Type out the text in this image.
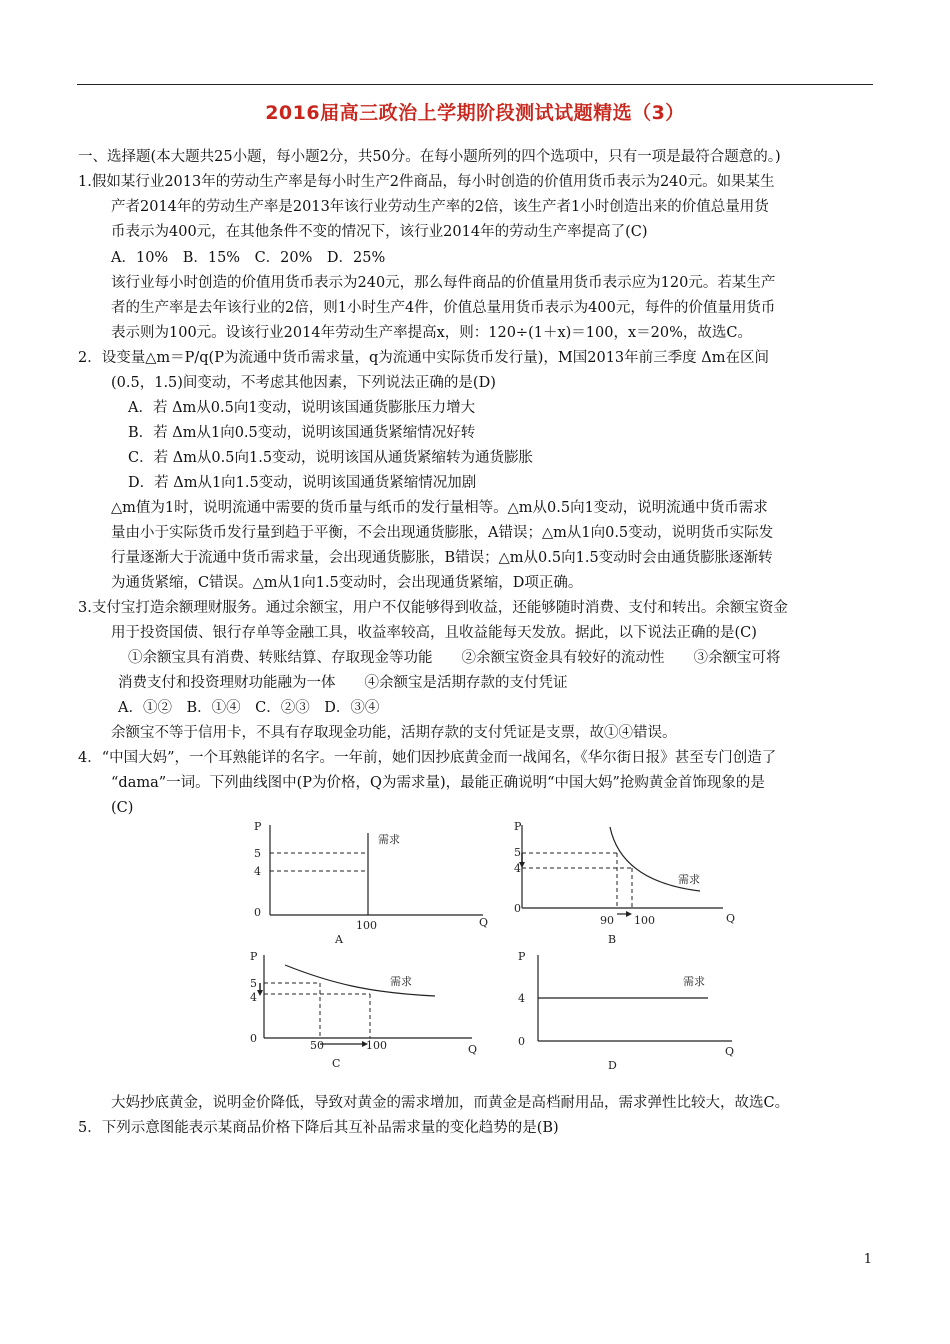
2016届高三政治上学期阶段测试试题精选（3）
一、选择题(本大题共25小题，每小题2分，共50分。在每小题所列的四个选项中，只有一项是最符合题意的。)
1.假如某行业2013年的劳动生产率是每小时生产2件商品，每小时创造的价值用货币表示为240元。如果某生
产者2014年的劳动生产率是2013年该行业劳动生产率的2倍，该生产者1小时创造出来的价值总量用货
币表示为400元，在其他条件不变的情况下，该行业2014年的劳动生产率提高了(C)
A．10%　B．15%　C．20%　D．25%
该行业每小时创造的价值用货币表示为240元，那么每件商品的价值量用货币表示应为120元。若某生产
者的生产率是去年该行业的2倍，则1小时生产4件，价值总量用货币表示为400元，每件的价值量用货币
表示则为100元。设该行业2014年劳动生产率提高x，则：120÷(1＋x)＝100，x＝20%，故选C。
2．设变量△m＝P/q(P为流通中货币需求量，q为流通中实际货币发行量)，M国2013年前三季度 Δm在区间
(0.5，1.5)间变动，不考虑其他因素，下列说法正确的是(D)
A．若 Δm从0.5向1变动，说明该国通货膨胀压力增大
B．若 Δm从1向0.5变动，说明该国通货紧缩情况好转
C．若 Δm从0.5向1.5变动，说明该国从通货紧缩转为通货膨胀
D．若 Δm从1向1.5变动，说明该国通货紧缩情况加剧
△m值为1时，说明流通中需要的货币量与纸币的发行量相等。△m从0.5向1变动，说明流通中货币需求
量由小于实际货币发行量到趋于平衡，不会出现通货膨胀，A错误；△m从1向0.5变动，说明货币实际发
行量逐渐大于流通中货币需求量，会出现通货膨胀，B错误；△m从0.5向1.5变动时会由通货膨胀逐渐转
为通货紧缩，C错误。△m从1向1.5变动时，会出现通货紧缩，D项正确。
3.支付宝打造余额理财服务。通过余额宝，用户不仅能够得到收益，还能够随时消费、支付和转出。余额宝资金
用于投资国债、银行存单等金融工具，收益率较高，且收益能每天发放。据此，以下说法正确的是(C)
①余额宝具有消费、转账结算、存取现金等功能　　②余额宝资金具有较好的流动性　　③余额宝可将
消费支付和投资理财功能融为一体　　④余额宝是活期存款的支付凭证
A．①②　B．①④　C．②③　D．③④
余额宝不等于信用卡，不具有存取现金功能，活期存款的支付凭证是支票，故①④错误。
4．“中国大妈”，一个耳熟能详的名字。一年前，她们因抄底黄金而一战闻名，《华尔街日报》甚至专门创造了
“dama”一词。下列曲线图中(P为价格，Q为需求量)，最能正确说明“中国大妈”抢购黄金首饰现象的是
(C)
大妈抄底黄金，说明金价降低，导致对黄金的需求增加，而黄金是高档耐用品，需求弹性比较大，故选C。
5．下列示意图能表示某商品价格下降后其互补品需求量的变化趋势的是(B)
P
Q
0
5
4
100
需求
A
P
Q
0
5
4
90 100
需求
B
P
Q
0
5
4
50	100
需求
C
P
Q
0
4
需求
D
1
